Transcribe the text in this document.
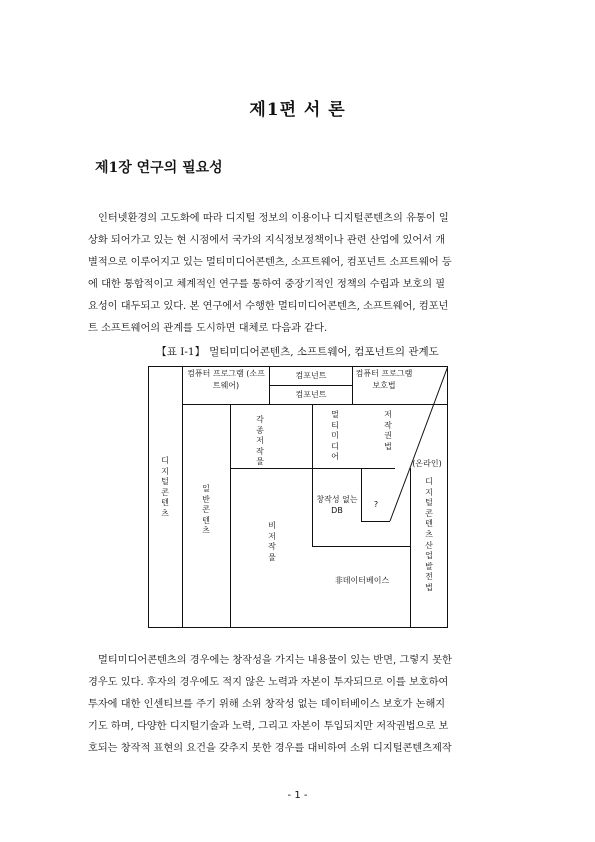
제1편 서 론
제1장 연구의 필요성
인터넷환경의 고도화에 따라 디지털 정보의 이용이나 디지털콘텐츠의 유통이 일
상화 되어가고 있는 현 시점에서 국가의 지식정보정책이나 관련 산업에 있어서 개
별적으로 이루어지고 있는 멀티미디어콘텐츠, 소프트웨어, 컴포넌트 소프트웨어 등
에 대한 통합적이고 체계적인 연구를 통하여 중장기적인 정책의 수립과 보호의 필
요성이 대두되고 있다. 본 연구에서 수행한 멀티미디어콘텐츠, 소프트웨어, 컴포넌
트 소프트웨어의 관계를 도시하면 대체로 다음과 같다.
【표 Ⅰ-1】 멀티미디어콘텐츠, 소프트웨어, 컴포넌트의 관계도
컴퓨터 프로그램 (소프트웨어)
컴포넌트
컴포넌트
컴퓨터 프로그램 보호법
디지털콘텐츠
일반콘텐츠
각종저작물
멀티미디어
저작권법
(온라인)
디지털콘텐츠산업발전법
창작성 없는 DB
?
비저작물
非데이터베이스
멀티미디어콘텐츠의 경우에는 창작성을 가지는 내용물이 있는 반면, 그렇지 못한
경우도 있다. 후자의 경우에도 적지 않은 노력과 자본이 투자되므로 이를 보호하여
투자에 대한 인센티브를 주기 위해 소위 창작성 없는 데이터베이스 보호가 논해지
기도 하며, 다양한 디지털기술과 노력, 그리고 자본이 투입되지만 저작권법으로 보
호되는 창작적 표현의 요건을 갖추지 못한 경우를 대비하여 소위 디지털콘텐츠제작
- 1 -
